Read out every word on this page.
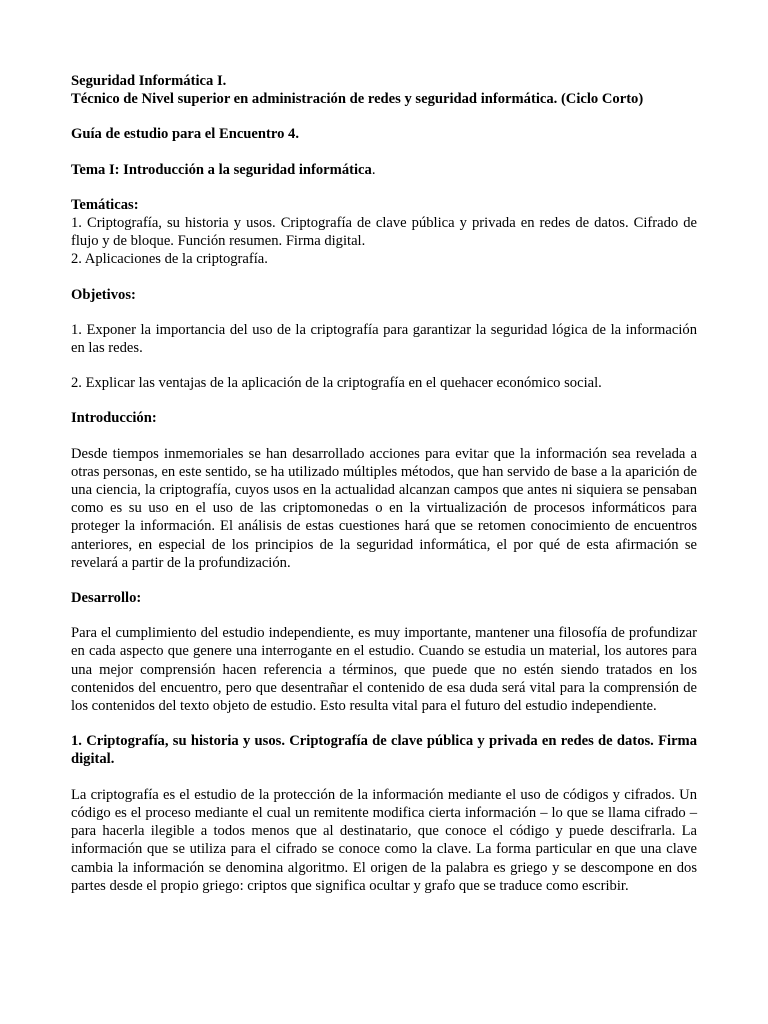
Seguridad Informática I.

Técnico de Nivel superior en administración de redes y seguridad informática. (Ciclo Corto)

Guía de estudio para el Encuentro 4.

Tema I: Introducción a la seguridad informática.

Temáticas:

1. Criptografía, su historia y usos. Criptografía de clave pública y privada en redes de datos. Cifrado de flujo y de bloque. Función resumen. Firma digital.

2. Aplicaciones de la criptografía.

Objetivos:

1. Exponer la importancia del uso de la criptografía para garantizar la seguridad lógica de la información en las redes.

2. Explicar las ventajas de la aplicación de la criptografía en el quehacer económico social.

Introducción:

Desde tiempos inmemoriales se han desarrollado acciones para evitar que la información sea revelada a otras personas, en este sentido, se ha utilizado múltiples métodos, que han servido de base a la aparición de una ciencia, la criptografía, cuyos usos en la actualidad alcanzan campos que antes ni siquiera se pensaban como es su uso en el uso de las criptomonedas o en la virtualización de procesos informáticos para proteger la información. El análisis de estas cuestiones hará que se retomen conocimiento de encuentros anteriores, en especial de los principios de la seguridad informática, el por qué de esta afirmación se revelará a partir de la profundización.

Desarrollo:

Para el cumplimiento del estudio independiente, es muy importante, mantener una filosofía de profundizar en cada aspecto que genere una interrogante en el estudio. Cuando se estudia un material, los autores para una mejor comprensión hacen referencia a términos, que puede que no estén siendo tratados en los contenidos del encuentro, pero que desentrañar el contenido de esa duda será vital para la comprensión de los contenidos del texto objeto de estudio. Esto resulta vital para el futuro del estudio independiente.

1. Criptografía, su historia y usos. Criptografía de clave pública y privada en redes de datos. Firma digital.

La criptografía es el estudio de la protección de la información mediante el uso de códigos y cifrados. Un código es el proceso mediante el cual un remitente modifica cierta información – lo que se llama cifrado – para hacerla ilegible a todos menos que al destinatario, que conoce el código y puede descifrarla. La información que se utiliza para el cifrado se conoce como la clave. La forma particular en que una clave cambia la información se denomina algoritmo. El origen de la palabra es griego y se descompone en dos partes desde el propio griego: criptos que significa ocultar y grafo que se traduce como escribir.
